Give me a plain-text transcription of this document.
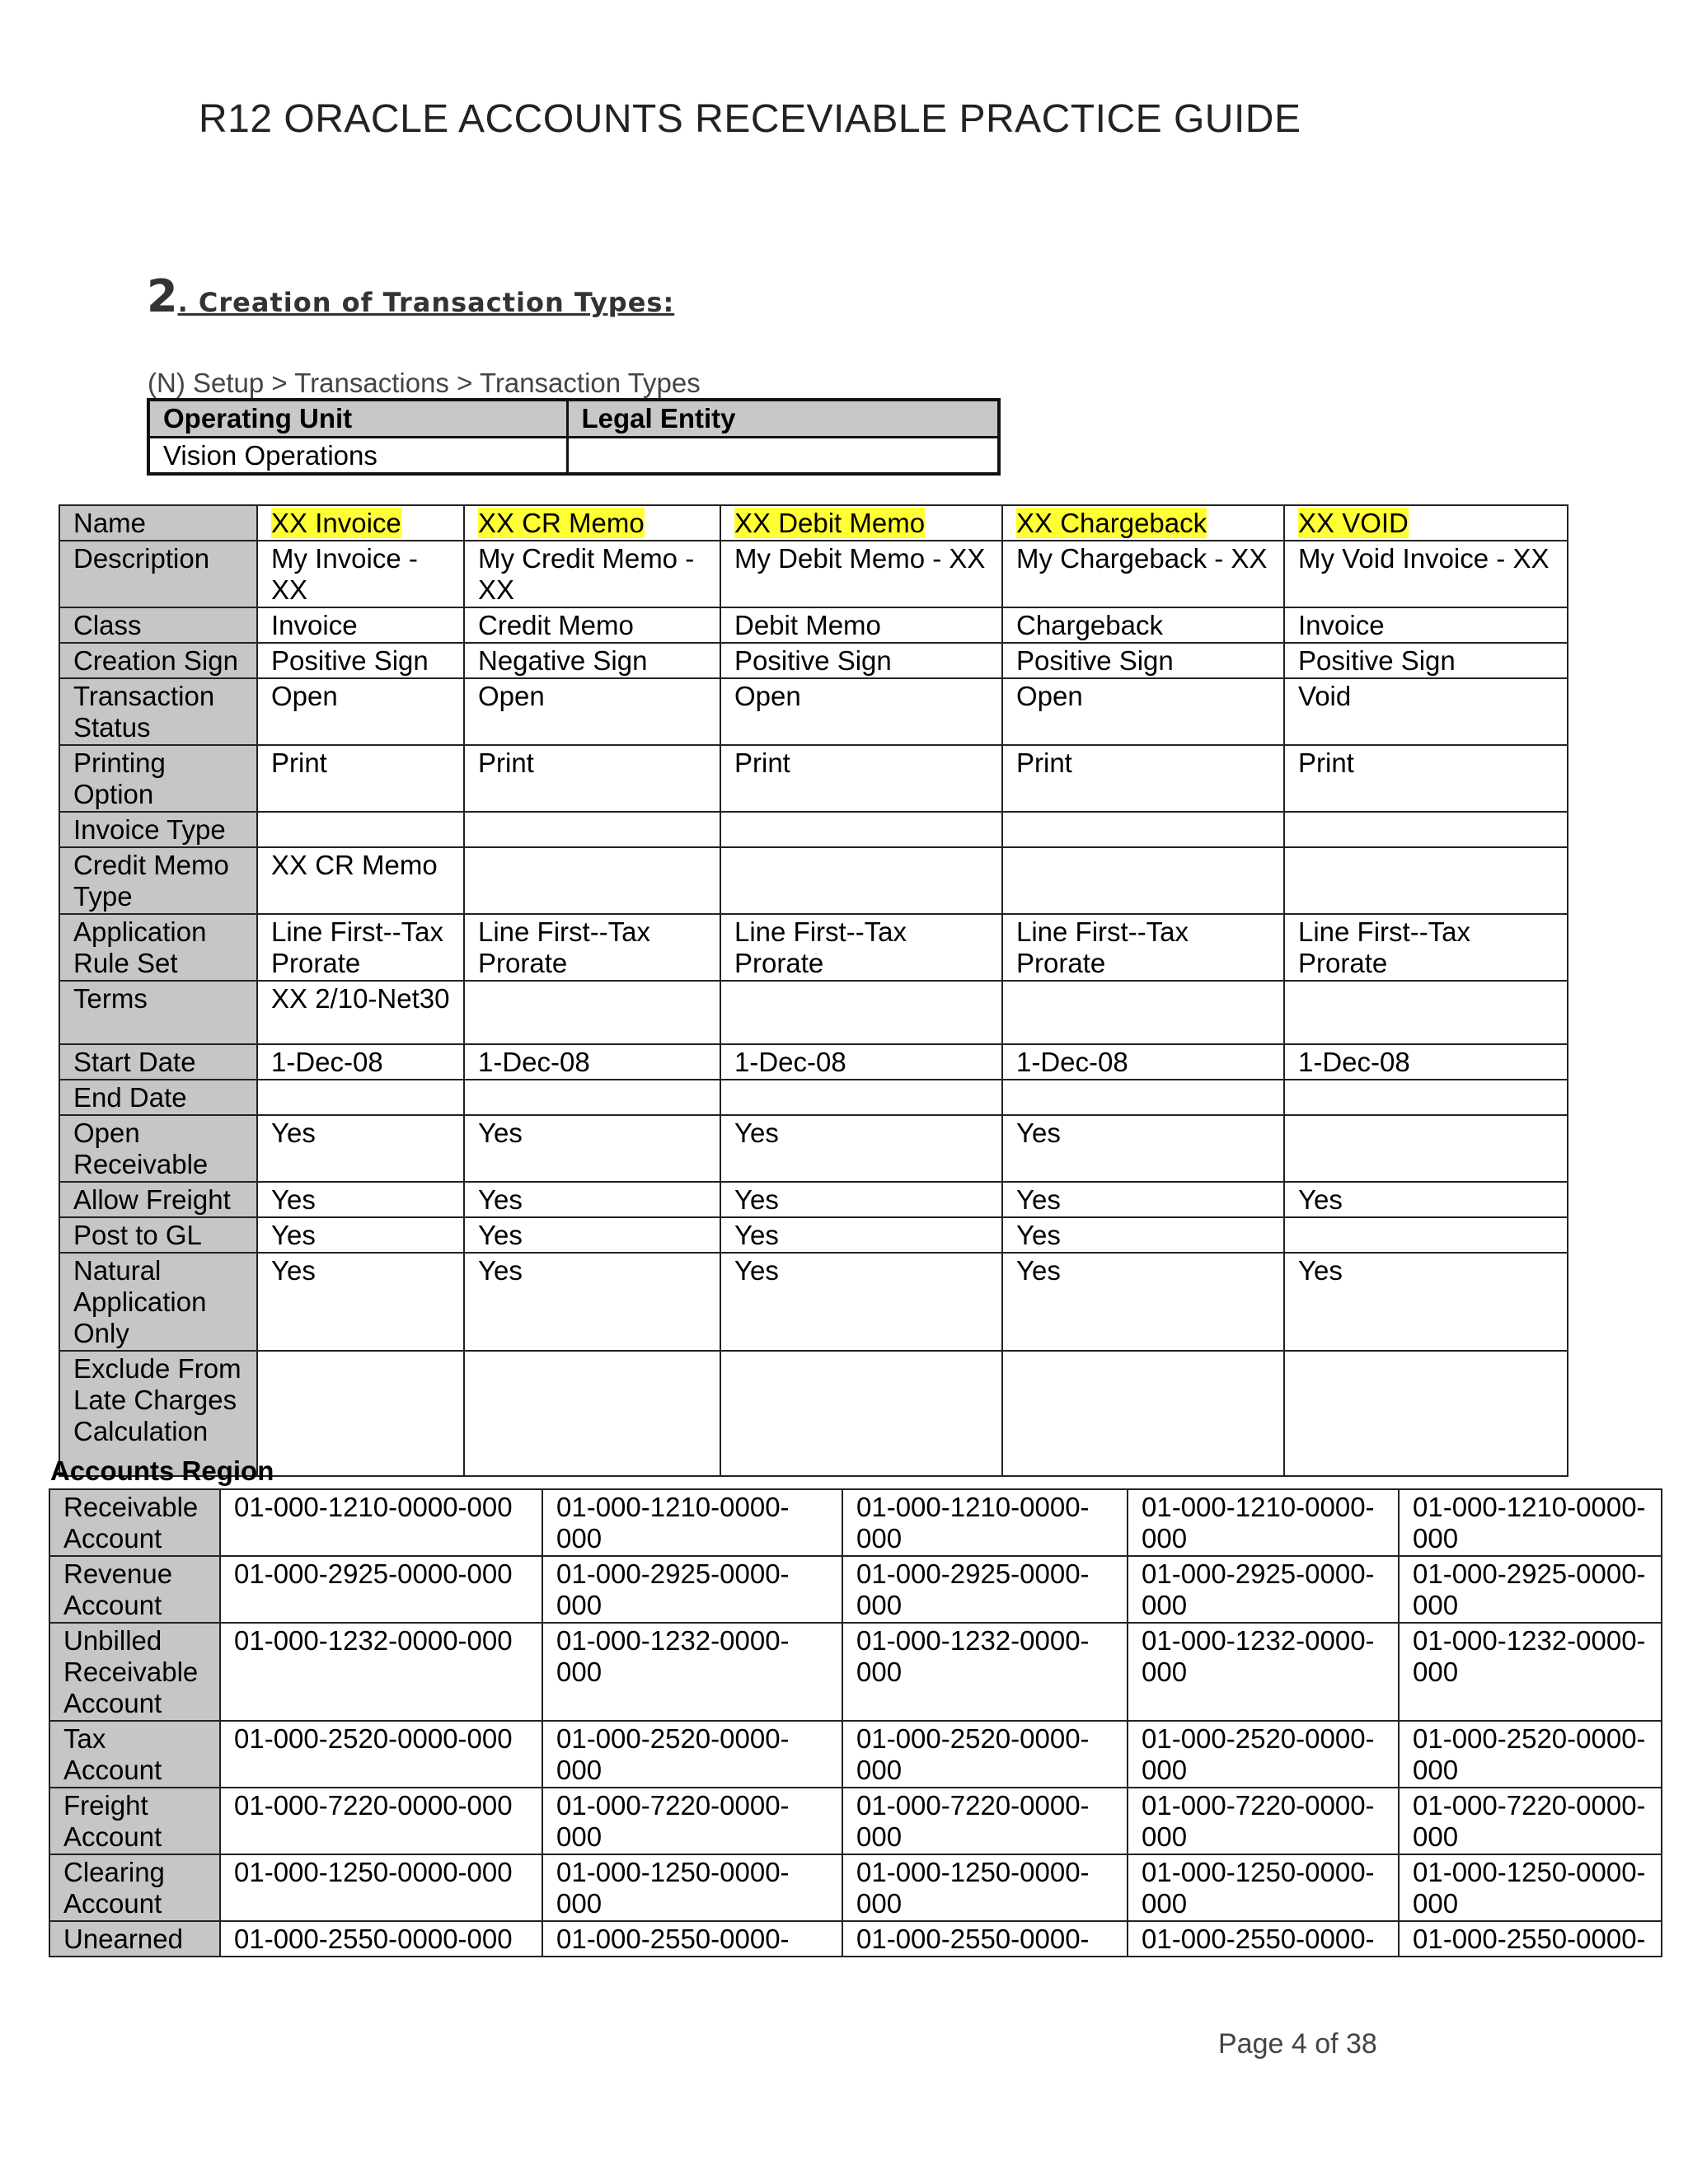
R12 ORACLE ACCOUNTS RECEVIABLE PRACTICE GUIDE
2. Creation of Transaction Types:
(N) Setup > Transactions > Transaction Types
Operating Unit	Legal Entity
Vision Operations	
Name	XX Invoice	XX CR Memo	XX Debit Memo	XX Chargeback	XX VOID
Description	My Invoice - XX	My Credit Memo - XX	My Debit Memo - XX	My Chargeback - XX	My Void Invoice - XX
Class	Invoice	Credit Memo	Debit Memo	Chargeback	Invoice
Creation Sign	Positive Sign	Negative Sign	Positive Sign	Positive Sign	Positive Sign
Transaction Status	Open	Open	Open	Open	Void
Printing Option	Print	Print	Print	Print	Print
Invoice Type					
Credit Memo Type	XX CR Memo				
Application Rule Set	Line First--Tax Prorate	Line First--Tax Prorate	Line First--Tax Prorate	Line First--Tax Prorate	Line First--Tax Prorate
Terms	XX 2/10-Net30				
Start Date	1-Dec-08	1-Dec-08	1-Dec-08	1-Dec-08	1-Dec-08
End Date					
Open Receivable	Yes	Yes	Yes	Yes	
Allow Freight	Yes	Yes	Yes	Yes	Yes
Post to GL	Yes	Yes	Yes	Yes	
Natural Application Only	Yes	Yes	Yes	Yes	Yes
Exclude From Late Charges Calculation					
Accounts Region
Receivable Account	01-000-1210-0000-000	01-000-1210-0000-000	01-000-1210-0000-000	01-000-1210-0000-000	01-000-1210-0000-000
Revenue Account	01-000-2925-0000-000	01-000-2925-0000-000	01-000-2925-0000-000	01-000-2925-0000-000	01-000-2925-0000-000
Unbilled Receivable Account	01-000-1232-0000-000	01-000-1232-0000-000	01-000-1232-0000-000	01-000-1232-0000-000	01-000-1232-0000-000
Tax Account	01-000-2520-0000-000	01-000-2520-0000-000	01-000-2520-0000-000	01-000-2520-0000-000	01-000-2520-0000-000
Freight Account	01-000-7220-0000-000	01-000-7220-0000-000	01-000-7220-0000-000	01-000-7220-0000-000	01-000-7220-0000-000
Clearing Account	01-000-1250-0000-000	01-000-1250-0000-000	01-000-1250-0000-000	01-000-1250-0000-000	01-000-1250-0000-000
Unearned	01-000-2550-0000-000	01-000-2550-0000-	01-000-2550-0000-	01-000-2550-0000-	01-000-2550-0000-
Page 4 of 38
